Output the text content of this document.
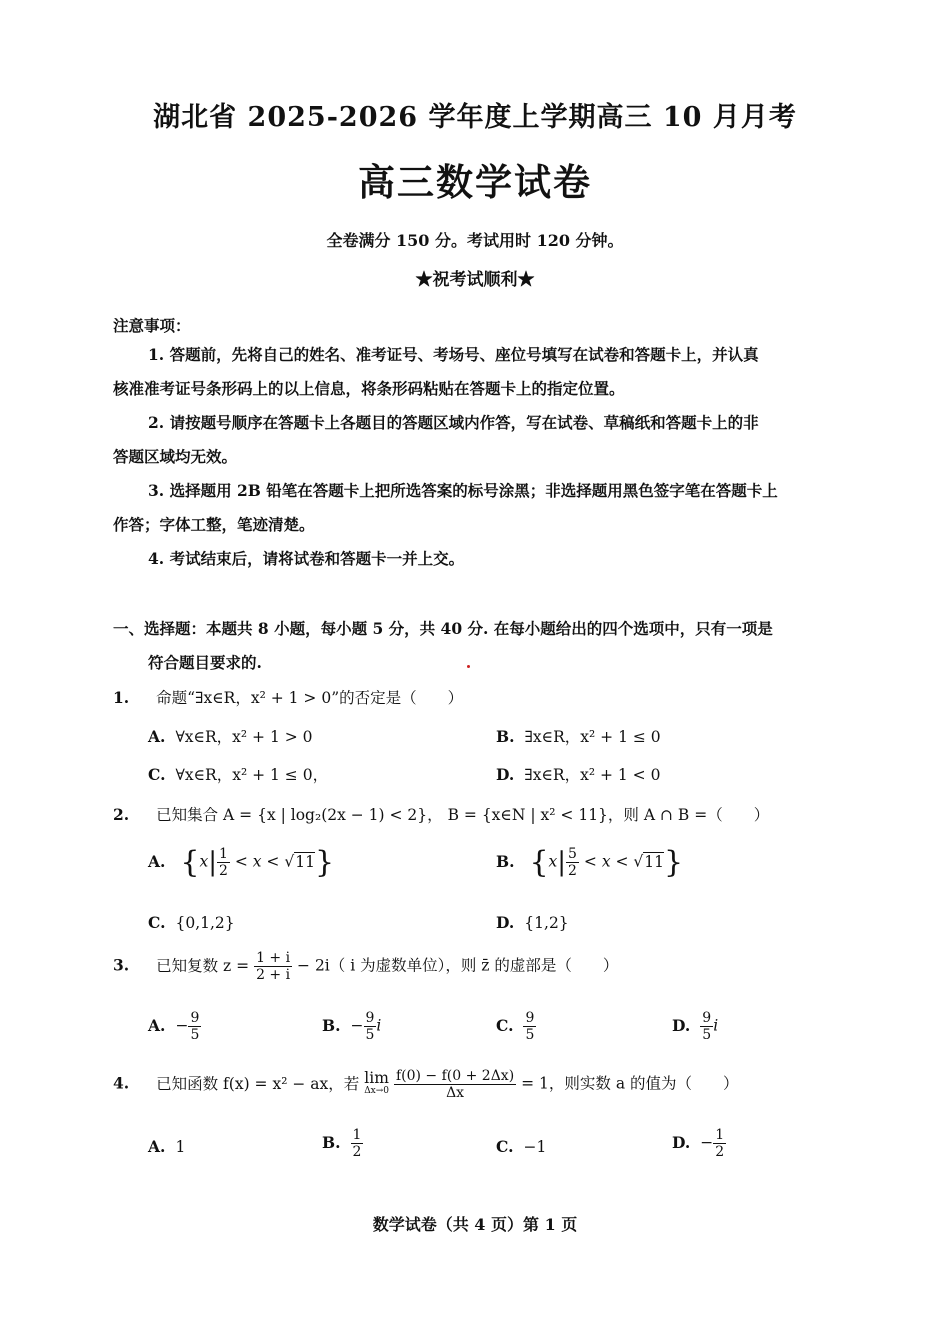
湖北省 2025-2026 学年度上学期高三 10 月月考
高三数学试卷
全卷满分 150 分。考试用时 120 分钟。
★祝考试顺利★
注意事项：
1. 答题前，先将自己的姓名、准考证号、考场号、座位号填写在试卷和答题卡上，并认真
核准准考证号条形码上的以上信息，将条形码粘贴在答题卡上的指定位置。
2. 请按题号顺序在答题卡上各题目的答题区域内作答，写在试卷、草稿纸和答题卡上的非
答题区域均无效。
3. 选择题用 2B 铅笔在答题卡上把所选答案的标号涂黑；非选择题用黑色签字笔在答题卡上
作答；字体工整，笔迹清楚。
4. 考试结束后，请将试卷和答题卡一并上交。
一、选择题：本题共 8 小题，每小题 5 分，共 40 分. 在每小题给出的四个选项中，只有一项是
符合题目要求的.
1. 命题“∃x∈R，x² + 1 > 0”的否定是（　　）
A. ∀x∈R，x² + 1 > 0	B. ∃x∈R，x² + 1 ≤ 0
C. ∀x∈R，x² + 1 ≤ 0，	D. ∃x∈R，x² + 1 < 0
2. 已知集合 A = {x | log₂(2x − 1) < 2}， B = {x∈N | x² < 11}，则 A ∩ B =（　　）
A. $\{x| \frac{1}{2} < x < √11\}$	B. $\{x| \frac{5}{2} < x < √11\}$
C. {0,1,2}	D. {1,2}
3. 已知复数 $z = \frac{1 + i}{2 + i} - 2i$（ i 为虚数单位），则 z̄ 的虚部是（　　）
A. − $\frac{9}{5}$	B. − $\frac{9}{5}$ i	C. $\frac{9}{5}$	D. $\frac{9}{5}$ i
4. 已知函数 f(x) = x² − ax，若 lim
Δx→0
$\frac{f(0) - f(0 + 2\Delta x)}{\Delta x} = 1$，则实数 a 的值为（　　）
A. 1	B. $\frac{1}{2}$	C. −1	D. − $\frac{1}{2}$
数学试卷（共 4 页）第 1 页
